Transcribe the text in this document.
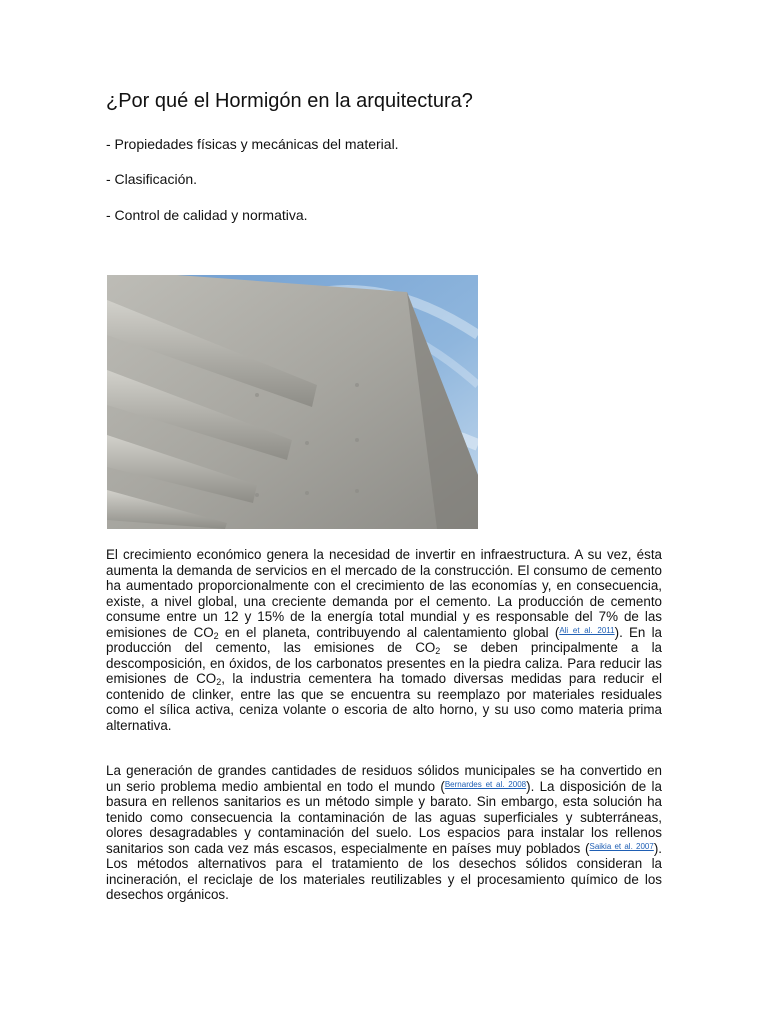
¿Por qué el Hormigón en la arquitectura?

- Propiedades físicas y mecánicas del material.

- Clasificación.

- Control de calidad y normativa.

El crecimiento económico genera la necesidad de invertir en infraestructura. A su vez, ésta aumenta la demanda de servicios en el mercado de la construcción. El consumo de cemento ha aumentado proporcionalmente con el crecimiento de las economías y, en consecuencia, existe, a nivel global, una creciente demanda por el cemento. La producción de cemento consume entre un 12 y 15% de la energía total mundial y es responsable del 7% de las emisiones de $CO_2$ en el planeta, contribuyendo al calentamiento global ($^{Ali et al. 2011}$). En la producción del cemento, las emisiones de $CO_2$ se deben principalmente a la descomposición, en óxidos, de los carbonatos presentes en la piedra caliza. Para reducir las emisiones de $CO_2$, la industria cementera ha tomado diversas medidas para reducir el contenido de clinker, entre las que se encuentra su reemplazo por materiales residuales como el sílica activa, ceniza volante o escoria de alto horno, y su uso como materia prima alternativa.

La generación de grandes cantidades de residuos sólidos municipales se ha convertido en un serio problema medio ambiental en todo el mundo ($^{Bernardes et al. 2008}$). La disposición de la basura en rellenos sanitarios es un método simple y barato. Sin embargo, esta solución ha tenido como consecuencia la contaminación de las aguas superficiales y subterráneas, olores desagradables y contaminación del suelo. Los espacios para instalar los rellenos sanitarios son cada vez más escasos, especialmente en países muy poblados ($^{Saikia et al. 2007}$). Los métodos alternativos para el tratamiento de los desechos sólidos consideran la incineración, el reciclaje de los materiales reutilizables y el procesamiento químico de los desechos orgánicos.
